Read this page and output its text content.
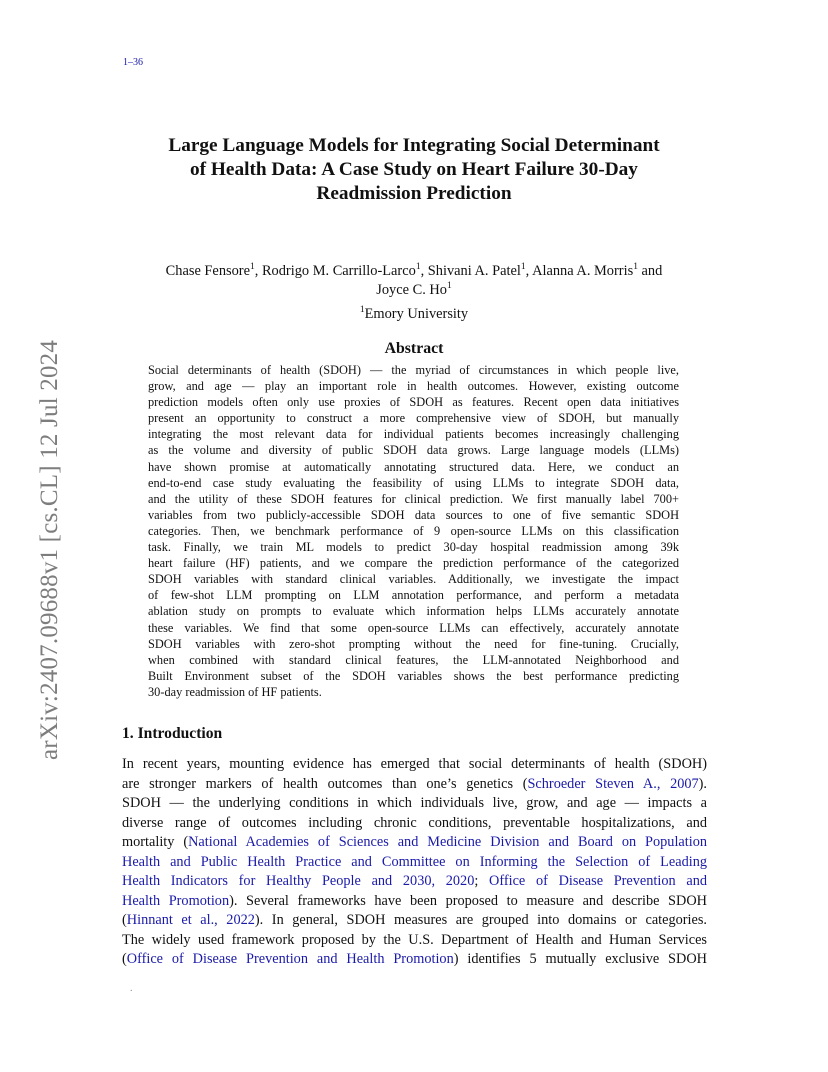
1–36
arXiv:2407.09688v1 [cs.CL] 12 Jul 2024
Large Language Models for Integrating Social Determinant
of Health Data: A Case Study on Heart Failure 30-Day
Readmission Prediction
Chase Fensore$^1$, Rodrigo M. Carrillo-Larco$^1$, Shivani A. Patel$^1$, Alanna A. Morris$^1$ and
Joyce C. Ho$^1$
$^1$Emory University
Abstract
Social determinants of health (SDOH) — the myriad of circumstances in which people live,
grow, and age — play an important role in health outcomes. However, existing outcome
prediction models often only use proxies of SDOH as features. Recent open data initiatives
present an opportunity to construct a more comprehensive view of SDOH, but manually
integrating the most relevant data for individual patients becomes increasingly challenging
as the volume and diversity of public SDOH data grows. Large language models (LLMs)
have shown promise at automatically annotating structured data. Here, we conduct an
end-to-end case study evaluating the feasibility of using LLMs to integrate SDOH data,
and the utility of these SDOH features for clinical prediction. We first manually label 700+
variables from two publicly-accessible SDOH data sources to one of five semantic SDOH
categories. Then, we benchmark performance of 9 open-source LLMs on this classification
task. Finally, we train ML models to predict 30-day hospital readmission among 39k
heart failure (HF) patients, and we compare the prediction performance of the categorized
SDOH variables with standard clinical variables. Additionally, we investigate the impact
of few-shot LLM prompting on LLM annotation performance, and perform a metadata
ablation study on prompts to evaluate which information helps LLMs accurately annotate
these variables. We find that some open-source LLMs can effectively, accurately annotate
SDOH variables with zero-shot prompting without the need for fine-tuning. Crucially,
when combined with standard clinical features, the LLM-annotated Neighborhood and
Built Environment subset of the SDOH variables shows the best performance predicting
30-day readmission of HF patients.
1. Introduction
In recent years, mounting evidence has emerged that social determinants of health (SDOH)
are stronger markers of health outcomes than one’s genetics (Schroeder Steven A., 2007).
SDOH — the underlying conditions in which individuals live, grow, and age — impacts a
diverse range of outcomes including chronic conditions, preventable hospitalizations, and
mortality (National Academies of Sciences and Medicine Division and Board on Population
Health and Public Health Practice and Committee on Informing the Selection of Leading
Health Indicators for Healthy People and 2030, 2020; Office of Disease Prevention and
Health Promotion). Several frameworks have been proposed to measure and describe SDOH
(Hinnant et al., 2022). In general, SDOH measures are grouped into domains or categories.
The widely used framework proposed by the U.S. Department of Health and Human Services
(Office of Disease Prevention and Health Promotion) identifies 5 mutually exclusive SDOH
.
